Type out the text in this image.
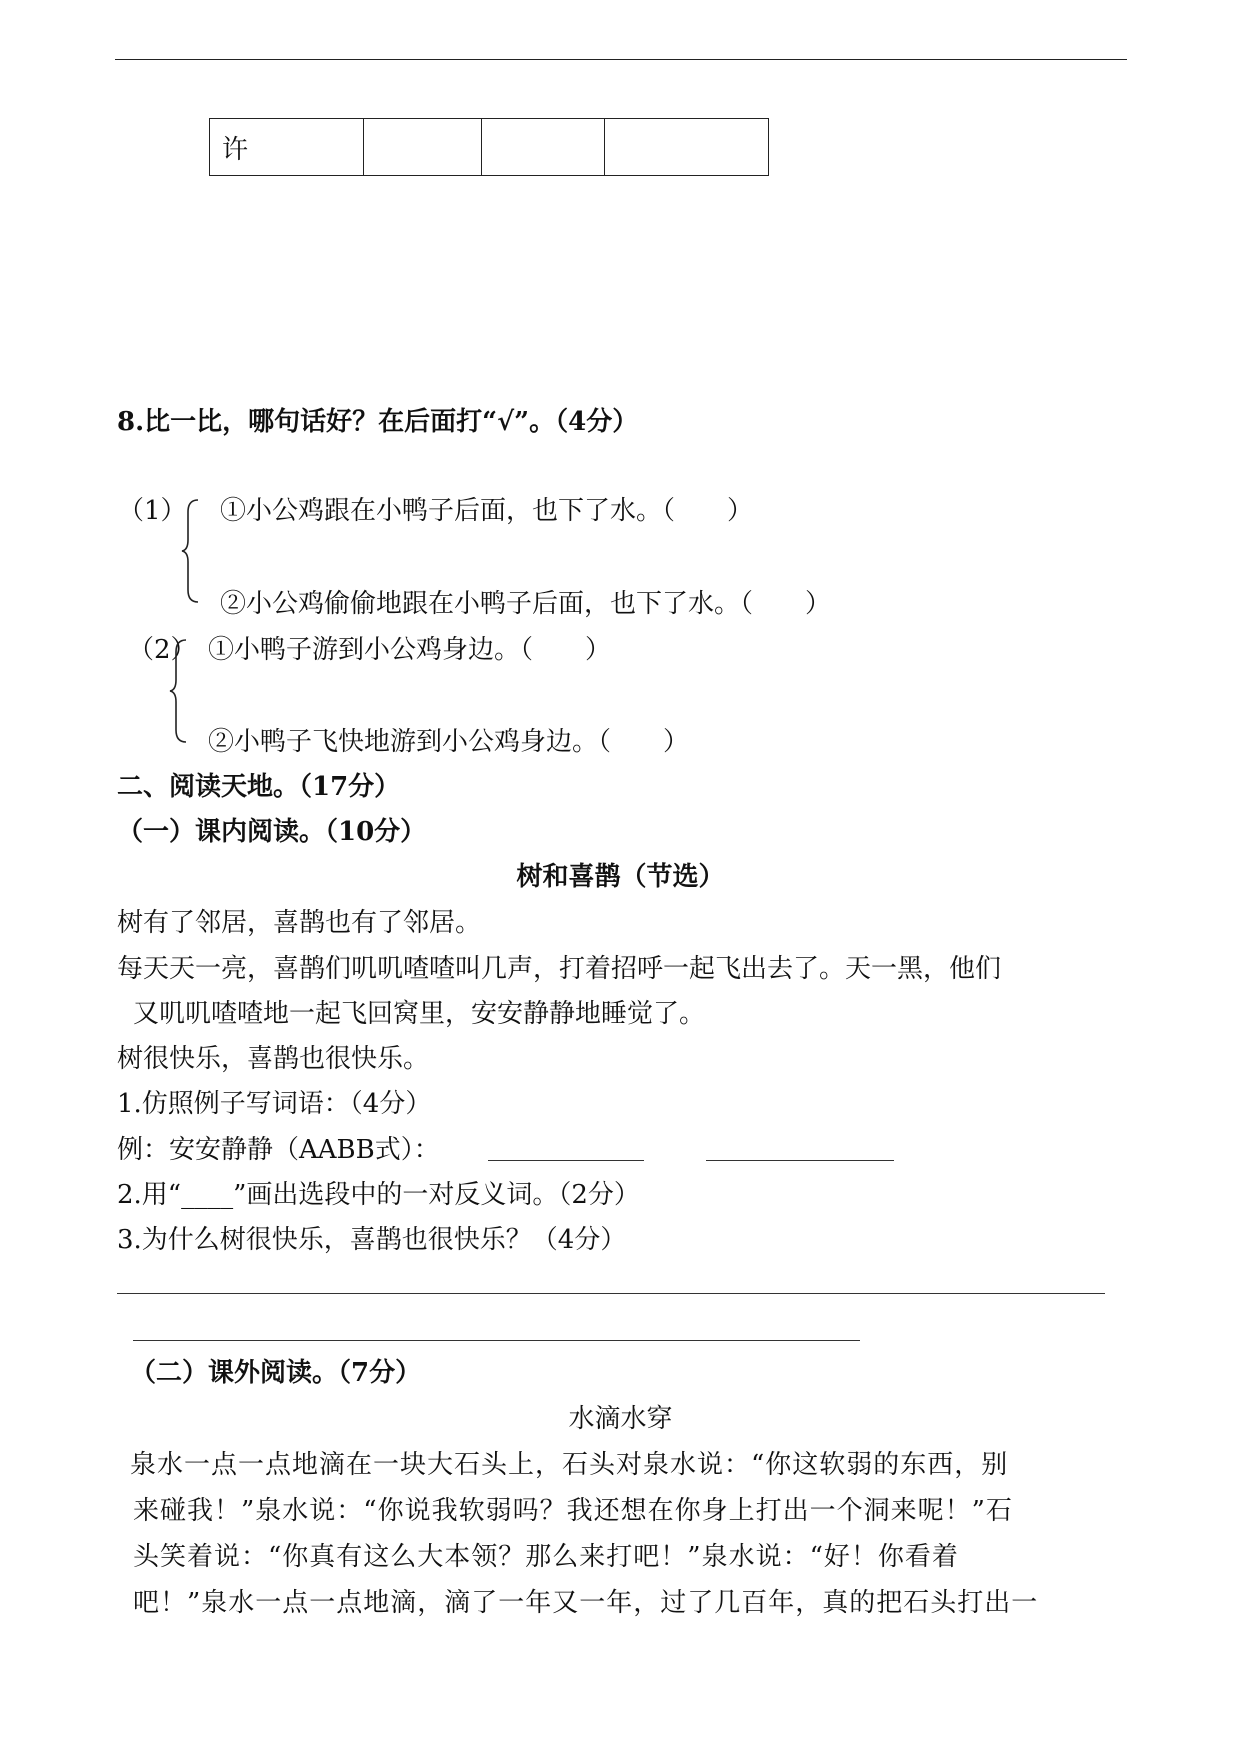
许			
8.比一比，哪句话好？在后面打“√”。（4分）
（1） ①小公鸡跟在小鸭子后面，也下了水。（　　）
②小公鸡偷偷地跟在小鸭子后面，也下了水。（　　）
（2） ①小鸭子游到小公鸡身边。（　　）
②小鸭子飞快地游到小公鸡身边。（　　）
二、阅读天地。（17分）
（一）课内阅读。（10分）
树和喜鹊（节选）
树有了邻居，喜鹊也有了邻居。
每天天一亮，喜鹊们叽叽喳喳叫几声，打着招呼一起飞出去了。天一黑，他们
又叽叽喳喳地一起飞回窝里，安安静静地睡觉了。
树很快乐，喜鹊也很快乐。
1.仿照例子写词语：（4分）
例：安安静静（AABB式）：
2.用“____”画出选段中的一对反义词。（2分）
3.为什么树很快乐，喜鹊也很快乐？（4分）
（二）课外阅读。（7分）
水滴水穿
泉水一点一点地滴在一块大石头上，石头对泉水说：“你这软弱的东西，别
来碰我！”泉水说：“你说我软弱吗？我还想在你身上打出一个洞来呢！”石
头笑着说：“你真有这么大本领？那么来打吧！”泉水说：“好！你看着
吧！”泉水一点一点地滴，滴了一年又一年，过了几百年，真的把石头打出一
